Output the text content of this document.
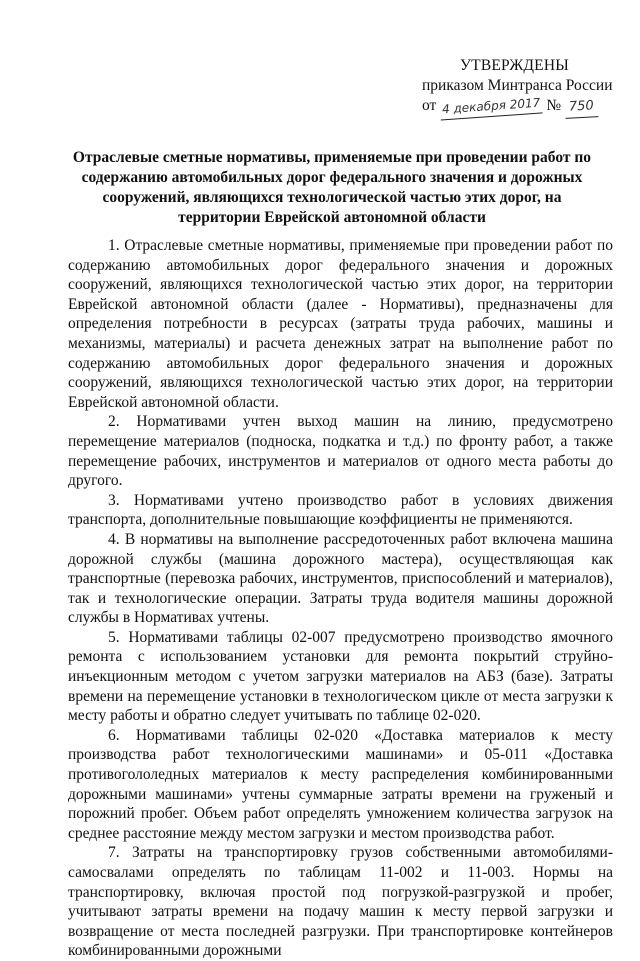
УТВЕРЖДЕНЫ
приказом Минтранса России
от 4 декабря 2017 № 750
Отраслевые сметные нормативы, применяемые при проведении работ по содержанию автомобильных дорог федерального значения и дорожных сооружений, являющихся технологической частью этих дорог, на территории Еврейской автономной области

1. Отраслевые сметные нормативы, применяемые при проведении работ по содержанию автомобильных дорог федерального значения и дорожных сооружений, являющихся технологической частью этих дорог, на территории Еврейской автономной области (далее - Нормативы), предназначены для определения потребности в ресурсах (затраты труда рабочих, машины и механизмы, материалы) и расчета денежных затрат на выполнение работ по содержанию автомобильных дорог федерального значения и дорожных сооружений, являющихся технологической частью этих дорог, на территории Еврейской автономной области.

2. Нормативами учтен выход машин на линию, предусмотрено перемещение материалов (поднoска, подкатка и т.д.) по фронту работ, а также перемещение рабочих, инструментов и материалов от одного места работы до другого.

3. Нормативами учтено производство работ в условиях движения транспорта, дополнительные повышающие коэффициенты не применяются.

4. В нормативы на выполнение рассредоточенных работ включена машина дорожной службы (машина дорожного мастера), осуществляющая как транспортные (перевозка рабочих, инструментов, приспособлений и материалов), так и технологические операции. Затраты труда водителя машины дорожной службы в Нормативах учтены.

5. Нормативами таблицы 02-007 предусмотрено производство ямочного ремонта с использованием установки для ремонта покрытий струйно-инъекционным методом с учетом загрузки материалов на АБЗ (базе). Затраты времени на перемещение установки в технологическом цикле от места загрузки к месту работы и обратно следует учитывать по таблице 02-020.

6. Нормативами таблицы 02-020 «Доставка материалов к месту производства работ технологическими машинами» и 05-011 «Доставка противогололедных материалов к месту распределения комбинированными дорожными машинами» учтены суммарные затраты времени на груженый и порожний пробег. Объем работ определять умножением количества загрузок на среднее расстояние между местом загрузки и местом производства работ.

7. Затраты на транспортировку грузов собственными автомобилями-самосвалами определять по таблицам 11-002 и 11-003. Нормы на транспортировку, включая простой под погрузкой-разгрузкой и пробег, учитывают затраты времени на подачу машин к месту первой загрузки и возвращение от места последней разгрузки. При транспортировке контейнеров комбинированными дорожными
